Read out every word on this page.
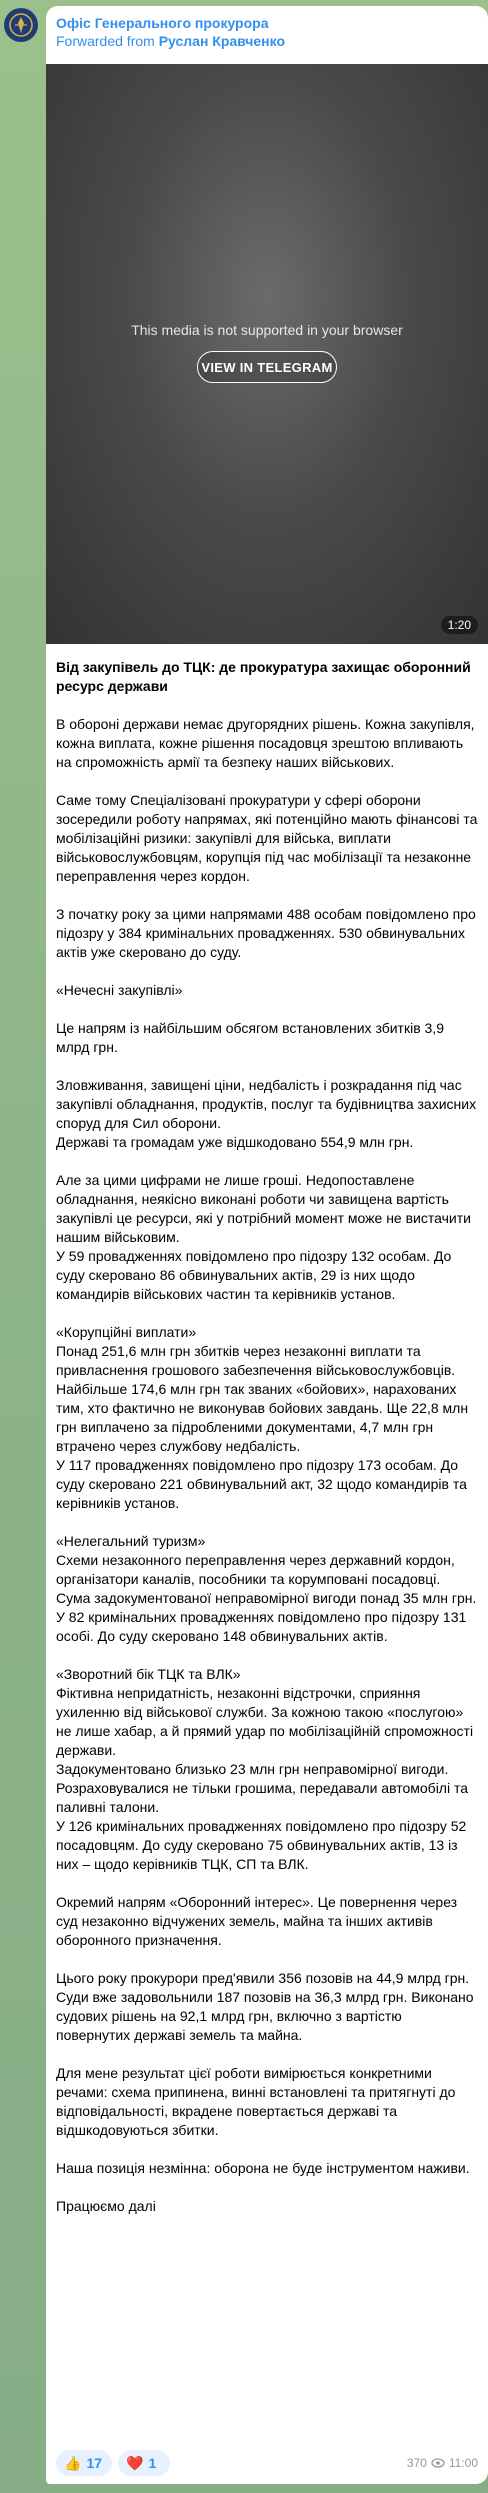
Офіс Генерального прокурора
Forwarded from Руслан Кравченко
This media is not supported in your browser
VIEW IN TELEGRAM
1:20

Від закупівель до ТЦК: де прокуратура захищає оборонний ресурс держави

В обороні держави немає другорядних рішень. Кожна закупівля, кожна виплата, кожне рішення посадовця зрештою впливають на спроможність армії та безпеку наших військових.

Саме тому Спеціалізовані прокуратури у сфері оборони зосередили роботу напрямах, які потенційно мають фінансові та мобілізаційні ризики: закупівлі для війська, виплати військовослужбовцям, корупція під час мобілізації та незаконне переправлення через кордон.

З початку року за цими напрямами 488 особам повідомлено про підозру у 384 кримінальних провадженнях. 530 обвинувальних актів уже скеровано до суду.

«Нечесні закупівлі»

Це напрям із найбільшим обсягом встановлених збитків 3,9 млрд грн.

Зловживання, завищені ціни, недбалість і розкрадання під час закупівлі обладнання, продуктів, послуг та будівництва захисних споруд для Сил оборони.
Державі та громадам уже відшкодовано 554,9 млн грн.

Але за цими цифрами не лише гроші. Недопоставлене обладнання, неякісно виконані роботи чи завищена вартість закупівлі це ресурси, які у потрібний момент може не вистачити нашим військовим.
У 59 провадженнях повідомлено про підозру 132 особам. До суду скеровано 86 обвинувальних актів, 29 із них щодо командирів військових частин та керівників установ.

«Корупційні виплати»
Понад 251,6 млн грн збитків через незаконні виплати та привласнення грошового забезпечення військовослужбовців. Найбільше 174,6 млн грн так званих «бойових», нарахованих тим, хто фактично не виконував бойових завдань. Ще 22,8 млн грн виплачено за підробленими документами, 4,7 млн грн втрачено через службову недбалість.
У 117 провадженнях повідомлено про підозру 173 особам. До суду скеровано 221 обвинувальний акт, 32 щодо командирів та керівників установ.

«Нелегальний туризм»
Схеми незаконного переправлення через державний кордон, організатори каналів, пособники та корумповані посадовці. Сума задокументованої неправомірної вигоди понад 35 млн грн.
У 82 кримінальних провадженнях повідомлено про підозру 131 особі. До суду скеровано 148 обвинувальних актів.

«Зворотний бік ТЦК та ВЛК»
Фіктивна непридатність, незаконні відстрочки, сприяння ухиленню від військової служби. За кожною такою «послугою» не лише хабар, а й прямий удар по мобілізаційній спроможності держави.
Задокументовано близько 23 млн грн неправомірної вигоди. Розраховувалися не тільки грошима, передавали автомобілі та паливні талони.
У 126 кримінальних провадженнях повідомлено про підозру 52 посадовцям. До суду скеровано 75 обвинувальних актів, 13 із них – щодо керівників ТЦК, СП та ВЛК.

Окремий напрям «Оборонний інтерес». Це повернення через суд незаконно відчужених земель, майна та інших активів оборонного призначення.

Цього року прокурори пред'явили 356 позовів на 44,9 млрд грн. Суди вже задовольнили 187 позовів на 36,3 млрд грн. Виконано судових рішень на 92,1 млрд грн, включно з вартістю повернутих державі земель та майна.

Для мене результат цієї роботи вимірюється конкретними речами: схема припинена, винні встановлені та притягнуті до відповідальності, вкрадене повертається державі та відшкодовуються збитки.

Наша позиція незмінна: оборона не буде інструментом наживи.

Працюємо далі

👍 17 ❤️ 1	370 11:00
